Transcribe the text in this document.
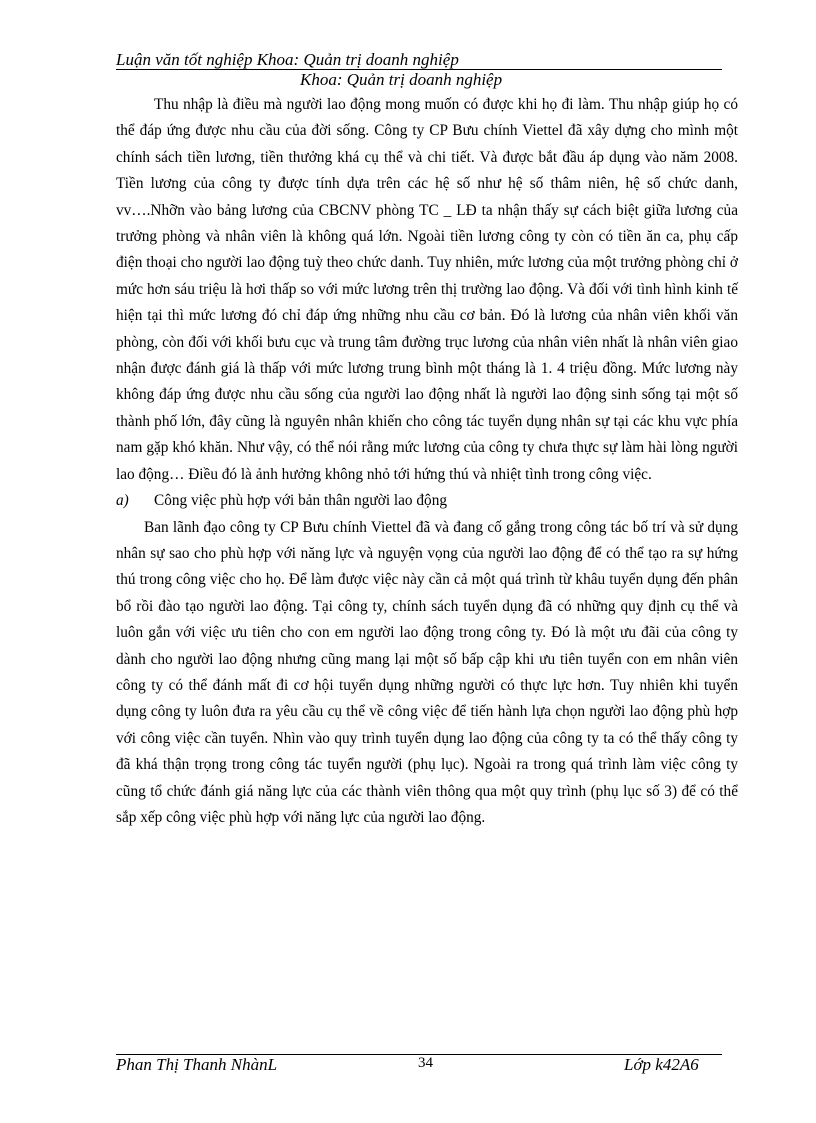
Luận văn tốt nghiệp Khoa: Quản trị doanh nghiệp
Khoa: Quản trị doanh nghiệp

Thu nhập là điều mà người lao động mong muốn có được khi họ đi làm. Thu nhập giúp họ có thể đáp ứng được nhu cầu của đời sống. Công ty CP Bưu chính Viettel đã xây dựng cho mình một chính sách tiền lương, tiền thưởng khá cụ thể và chi tiết. Và được bắt đầu áp dụng vào năm 2008. Tiền lương của công ty được tính dựa trên các hệ số như hệ số thâm niên, hệ số chức danh, vv….Nhỡn vào bảng lương của CBCNV phòng TC _ LĐ ta nhận thấy sự cách biệt giữa lương của trưởng phòng và nhân viên là không quá lớn. Ngoài tiền lương công ty còn có tiền ăn ca, phụ cấp điện thoại cho người lao động tuỳ theo chức danh. Tuy nhiên, mức lương của một trưởng phòng chỉ ở mức hơn sáu triệu là hơi thấp so với mức lương trên thị trường lao động. Và đối với tình hình kinh tế hiện tại thì mức lương đó chỉ đáp ứng những nhu cầu cơ bản. Đó là lương của nhân viên khối văn phòng, còn đối với khối bưu cục và trung tâm đường trục lương của nhân viên nhất là nhân viên giao nhận được đánh giá là thấp với mức lương trung bình một tháng là 1. 4 triệu đồng. Mức lương này không đáp ứng được nhu cầu sống của người lao động nhất là người lao động sinh sống tại một số thành phố lớn, đây cũng là nguyên nhân khiến cho công tác tuyển dụng nhân sự tại các khu vực phía nam gặp khó khăn. Như vậy, có thể nói rằng mức lương của công ty chưa thực sự làm hài lòng người lao động… Điều đó là ảnh hưởng không nhỏ tới hứng thú và nhiệt tình trong công việc.

a)	Công việc phù hợp với bản thân người lao động

Ban lãnh đạo công ty CP Bưu chính Viettel đã và đang cố gắng trong công tác bố trí và sử dụng nhân sự sao cho phù hợp với năng lực và nguyện vọng của người lao động để có thể tạo ra sự hứng thú trong công việc cho họ. Để làm được việc này cần cả một quá trình từ khâu tuyển dụng đến phân bổ rồi đào tạo người lao động. Tại công ty, chính sách tuyển dụng đã có những quy định cụ thể và luôn gắn với việc ưu tiên cho con em người lao động trong công ty. Đó là một ưu đãi của công ty dành cho người lao động nhưng cũng mang lại một số bấp cập khi ưu tiên tuyển con em nhân viên công ty có thể đánh mất đi cơ hội tuyển dụng những người có thực lực hơn. Tuy nhiên khi tuyển dụng công ty luôn đưa ra yêu cầu cụ thể về công việc để tiến hành lựa chọn người lao động phù hợp với công việc cần tuyển. Nhìn vào quy trình tuyển dụng lao động của công ty ta có thể thấy công ty đã khá thận trọng trong công tác tuyển người (phụ lục). Ngoài ra trong quá trình làm việc công ty cũng tổ chức đánh giá năng lực của các thành viên thông qua một quy trình (phụ lục số 3) để có thể sắp xếp công việc phù hợp với năng lực của người lao động.

Phan Thị Thanh NhànL	34	Lớp k42A6
